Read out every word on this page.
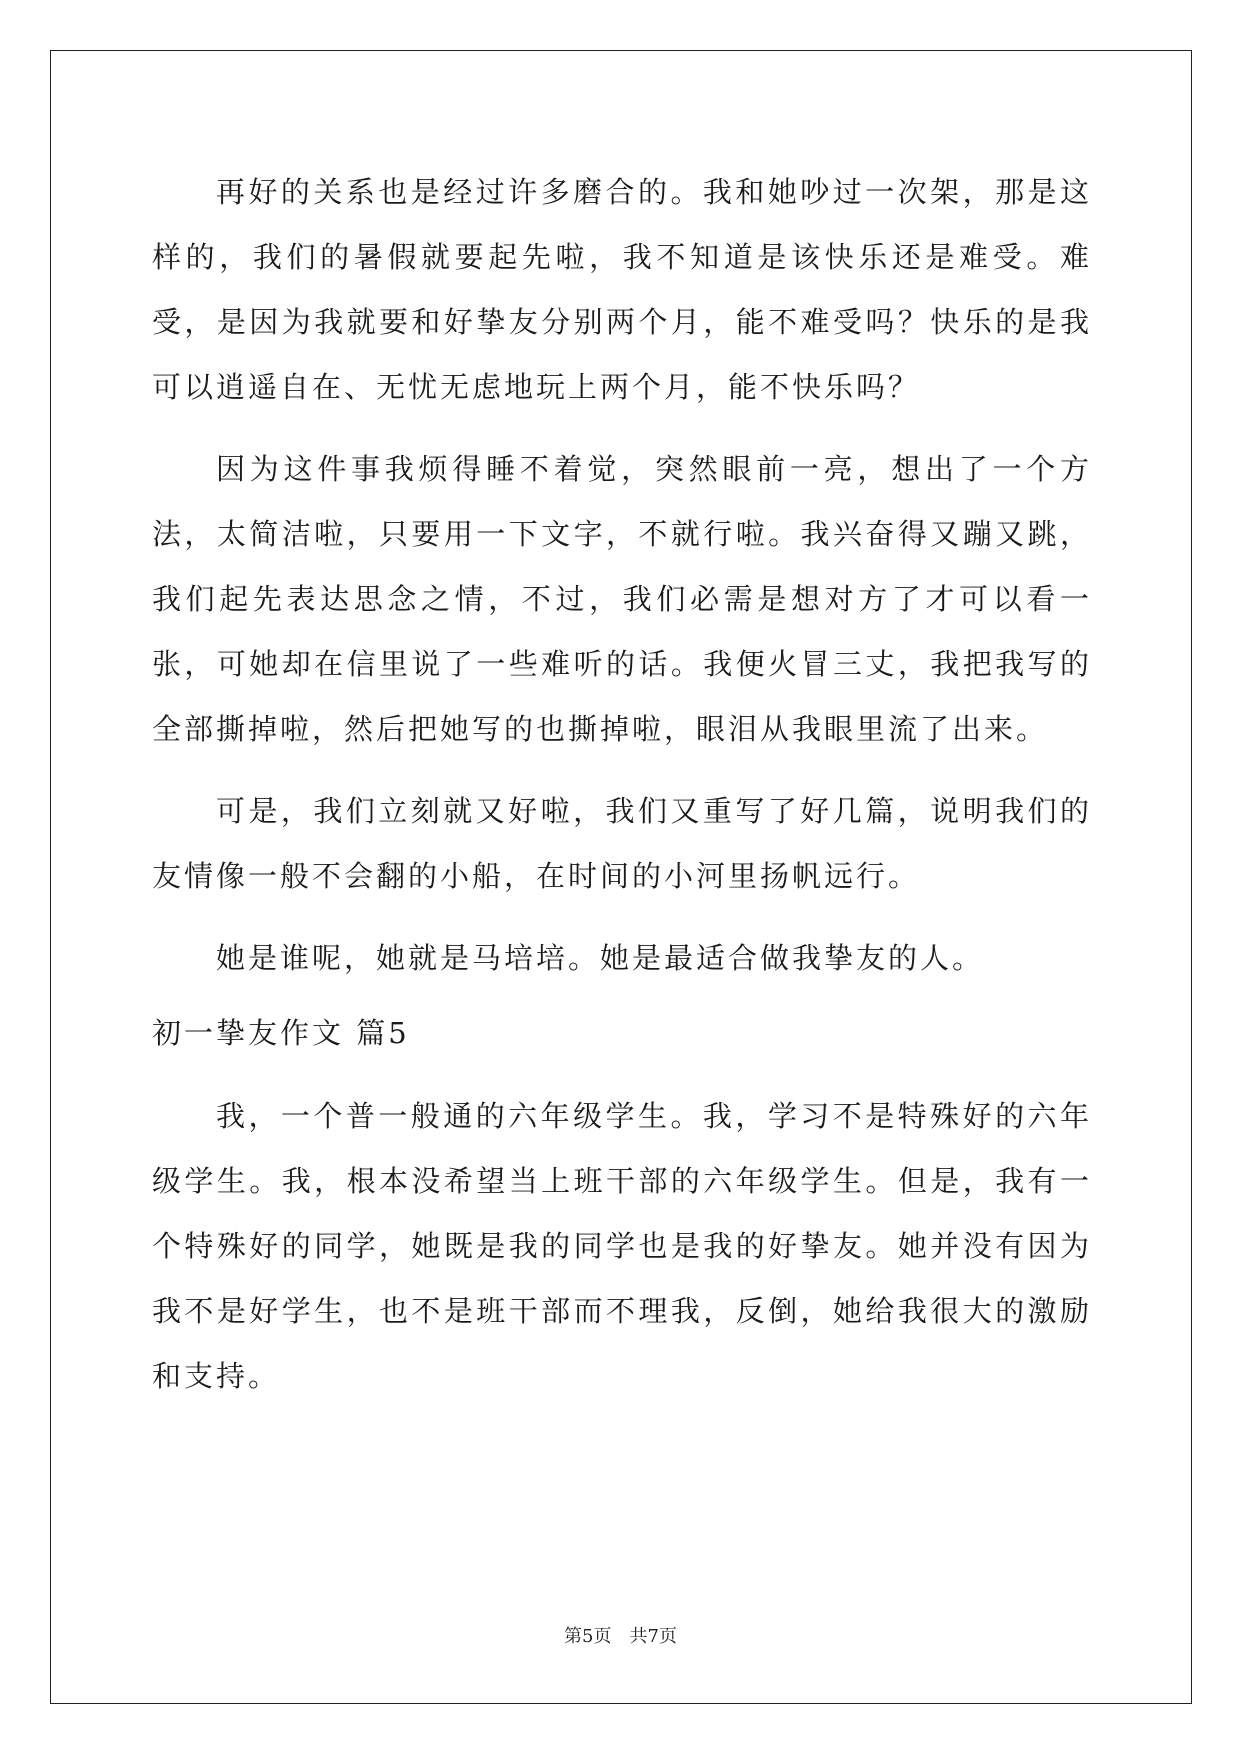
再好的关系也是经过许多磨合的。我和她吵过一次架，那是这样的，我们的暑假就要起先啦，我不知道是该快乐还是难受。难受，是因为我就要和好挚友分别两个月，能不难受吗？快乐的是我可以逍遥自在、无忧无虑地玩上两个月，能不快乐吗？

因为这件事我烦得睡不着觉，突然眼前一亮，想出了一个方法，太简洁啦，只要用一下文字，不就行啦。我兴奋得又蹦又跳，我们起先表达思念之情，不过，我们必需是想对方了才可以看一张，可她却在信里说了一些难听的话。我便火冒三丈，我把我写的全部撕掉啦，然后把她写的也撕掉啦，眼泪从我眼里流了出来。

可是，我们立刻就又好啦，我们又重写了好几篇，说明我们的友情像一般不会翻的小船，在时间的小河里扬帆远行。

她是谁呢，她就是马培培。她是最适合做我挚友的人。

初一挚友作文 篇5

我，一个普一般通的六年级学生。我，学习不是特殊好的六年级学生。我，根本没希望当上班干部的六年级学生。但是，我有一个特殊好的同学，她既是我的同学也是我的好挚友。她并没有因为我不是好学生，也不是班干部而不理我，反倒，她给我很大的激励和支持。

第5页　共7页
